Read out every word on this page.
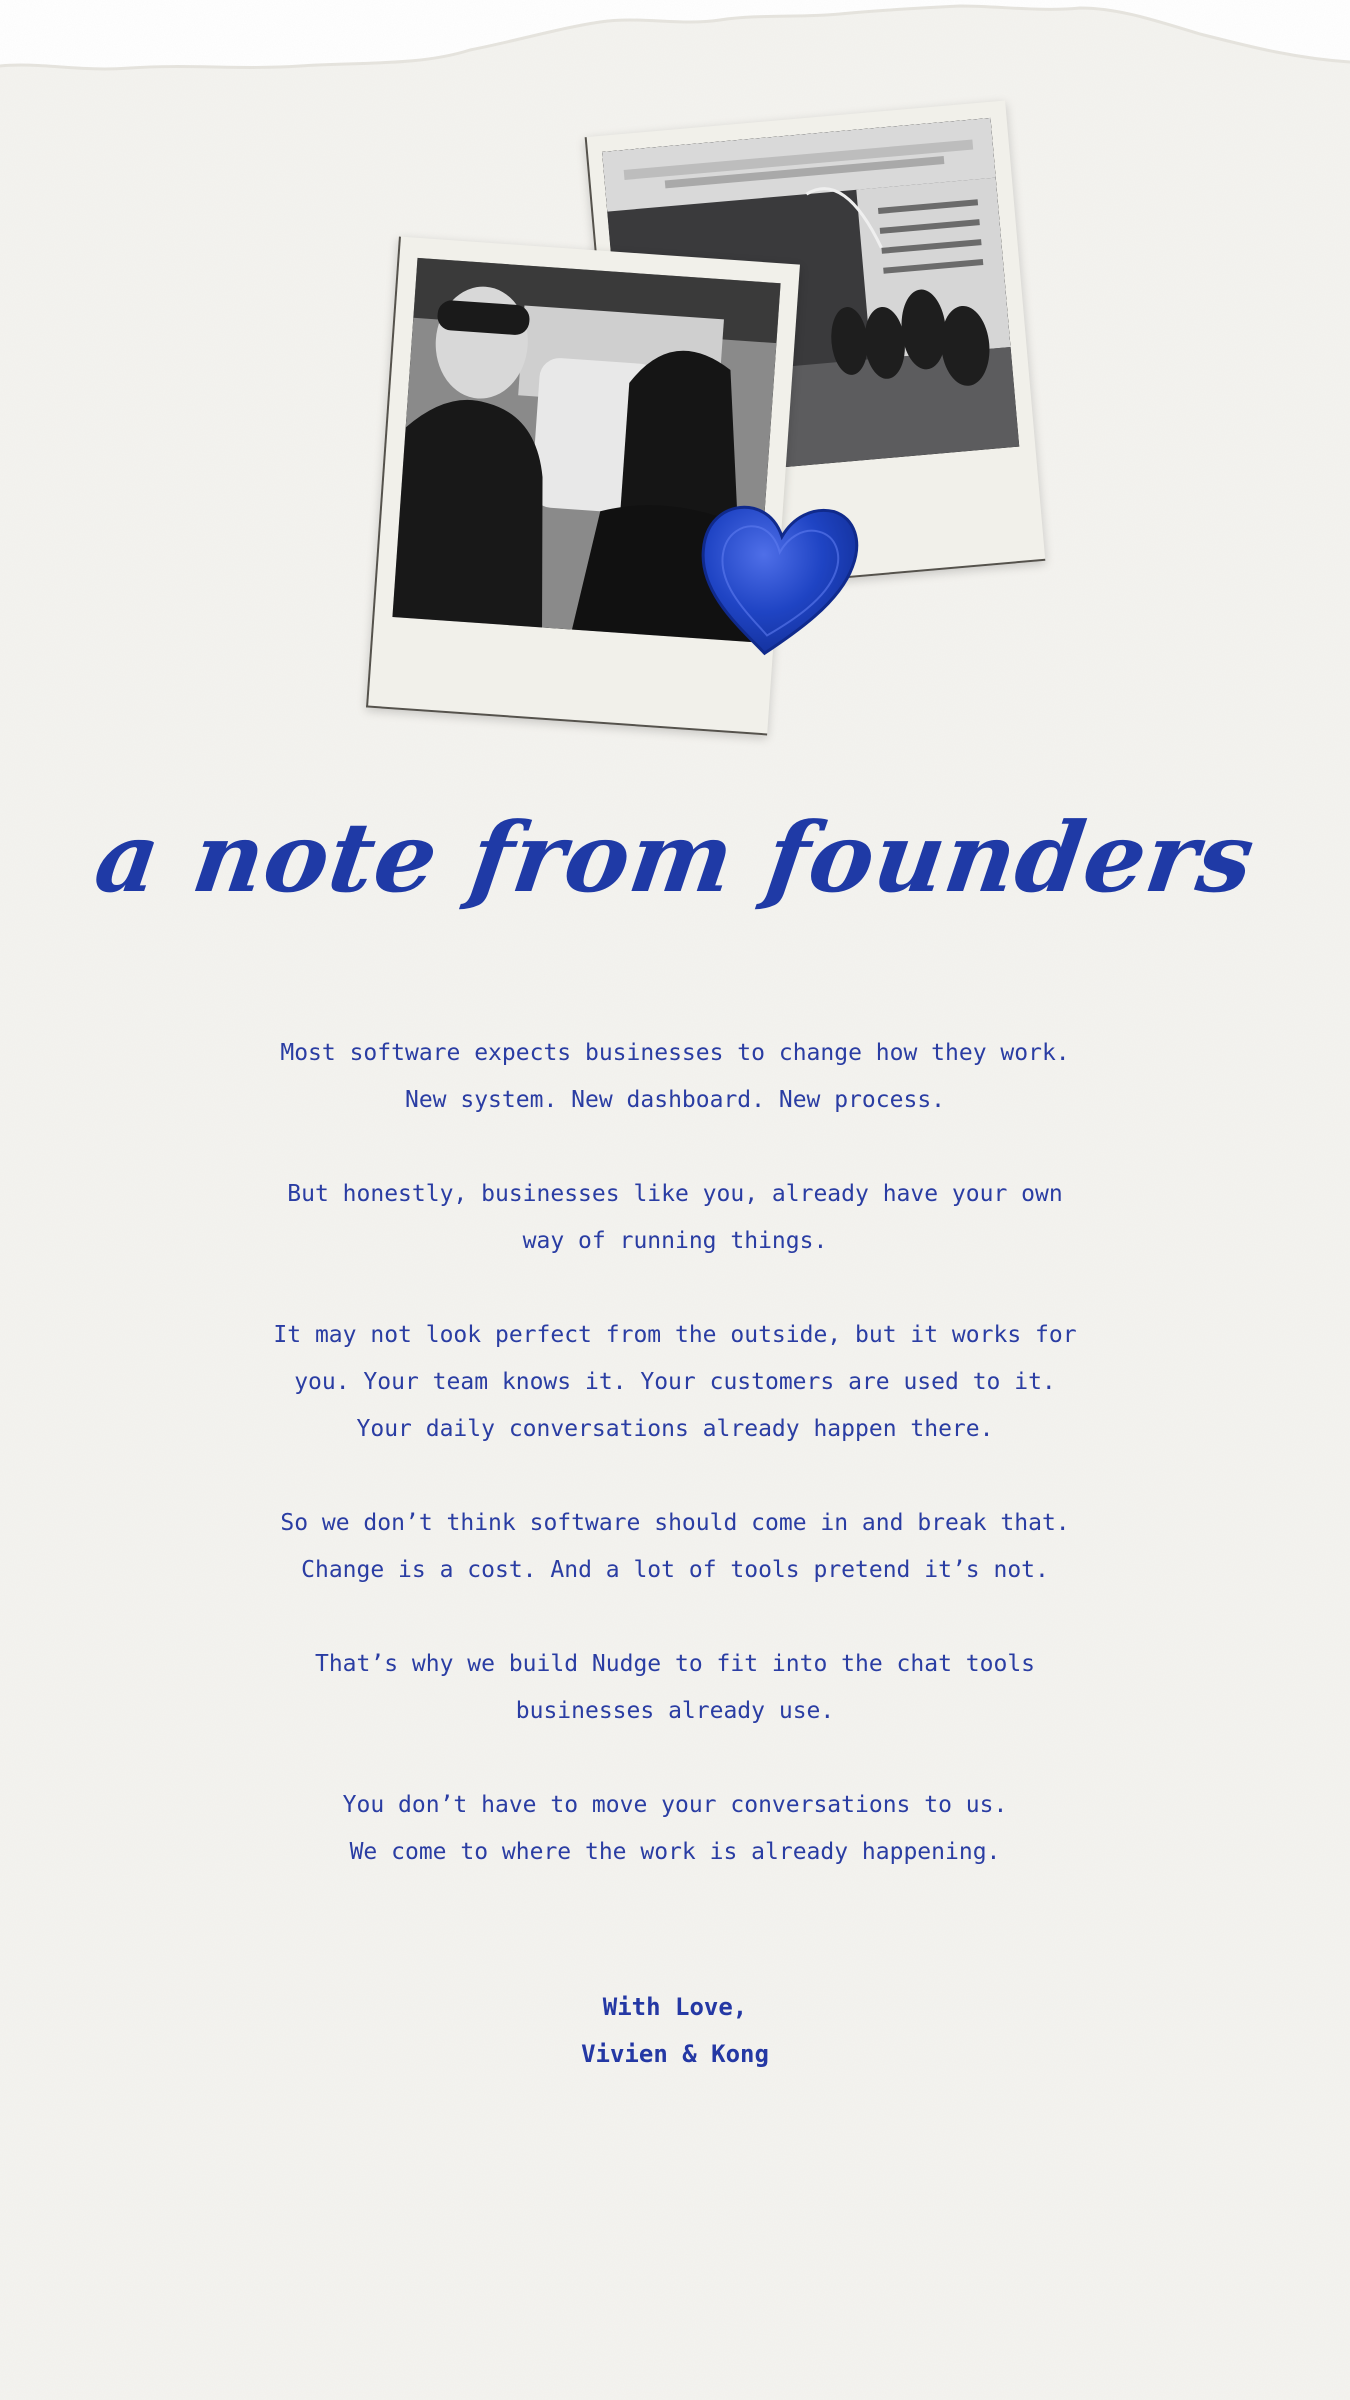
a note from founders

Most software expects businesses to change how they work.
New system. New dashboard. New process.

But honestly, businesses like you, already have your own
way of running things.

It may not look perfect from the outside, but it works for
you. Your team knows it. Your customers are used to it.
Your daily conversations already happen there.

So we don’t think software should come in and break that.
Change is a cost. And a lot of tools pretend it’s not.

That’s why we build Nudge to fit into the chat tools
businesses already use.

You don’t have to move your conversations to us.
We come to where the work is already happening.

With Love,
Vivien & Kong
